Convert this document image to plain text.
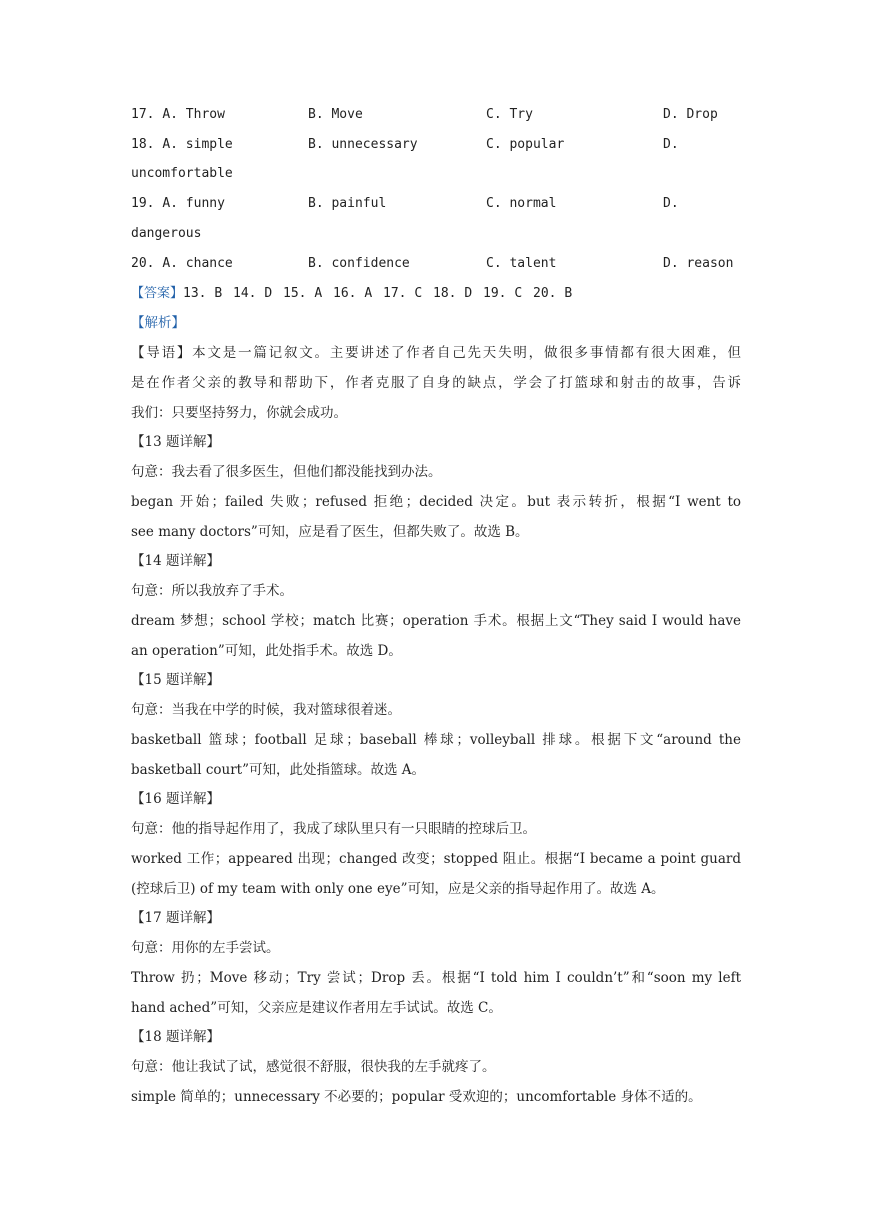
17. A. Throw	B. Move	C. Try	D. Drop
18. A. simple	B. unnecessary	C. popular	D.
uncomfortable
19. A. funny	B. painful	C. normal	D.
dangerous
20. A. chance	B. confidence	C. talent	D. reason
【答案】13. B 14. D 15. A 16. A 17. C 18. D 19. C 20. B
【解析】
【导语】本文是一篇记叙文。主要讲述了作者自己先天失明，做很多事情都有很大困难，但
是在作者父亲的教导和帮助下，作者克服了自身的缺点，学会了打篮球和射击的故事，告诉
我们：只要坚持努力，你就会成功。
【13 题详解】
句意：我去看了很多医生，但他们都没能找到办法。
began 开始；failed 失败；refused 拒绝；decided 决定。but 表示转折，根据“I went to
see many doctors”可知，应是看了医生，但都失败了。故选 B。
【14 题详解】
句意：所以我放弃了手术。
dream 梦想；school 学校；match 比赛；operation 手术。根据上文“They said I would have
an operation”可知，此处指手术。故选 D。
【15 题详解】
句意：当我在中学的时候，我对篮球很着迷。
basketball 篮球；football 足球；baseball 棒球；volleyball 排球。根据下文“around the
basketball court”可知，此处指篮球。故选 A。
【16 题详解】
句意：他的指导起作用了，我成了球队里只有一只眼睛的控球后卫。
worked 工作；appeared 出现；changed 改变；stopped 阻止。根据“I became a point guard
(控球后卫) of my team with only one eye”可知，应是父亲的指导起作用了。故选 A。
【17 题详解】
句意：用你的左手尝试。
Throw 扔；Move 移动；Try 尝试；Drop 丢。根据“I told him I couldn’t”和“soon my left
hand ached”可知，父亲应是建议作者用左手试试。故选 C。
【18 题详解】
句意：他让我试了试，感觉很不舒服，很快我的左手就疼了。
simple 简单的；unnecessary 不必要的；popular 受欢迎的；uncomfortable 身体不适的。
